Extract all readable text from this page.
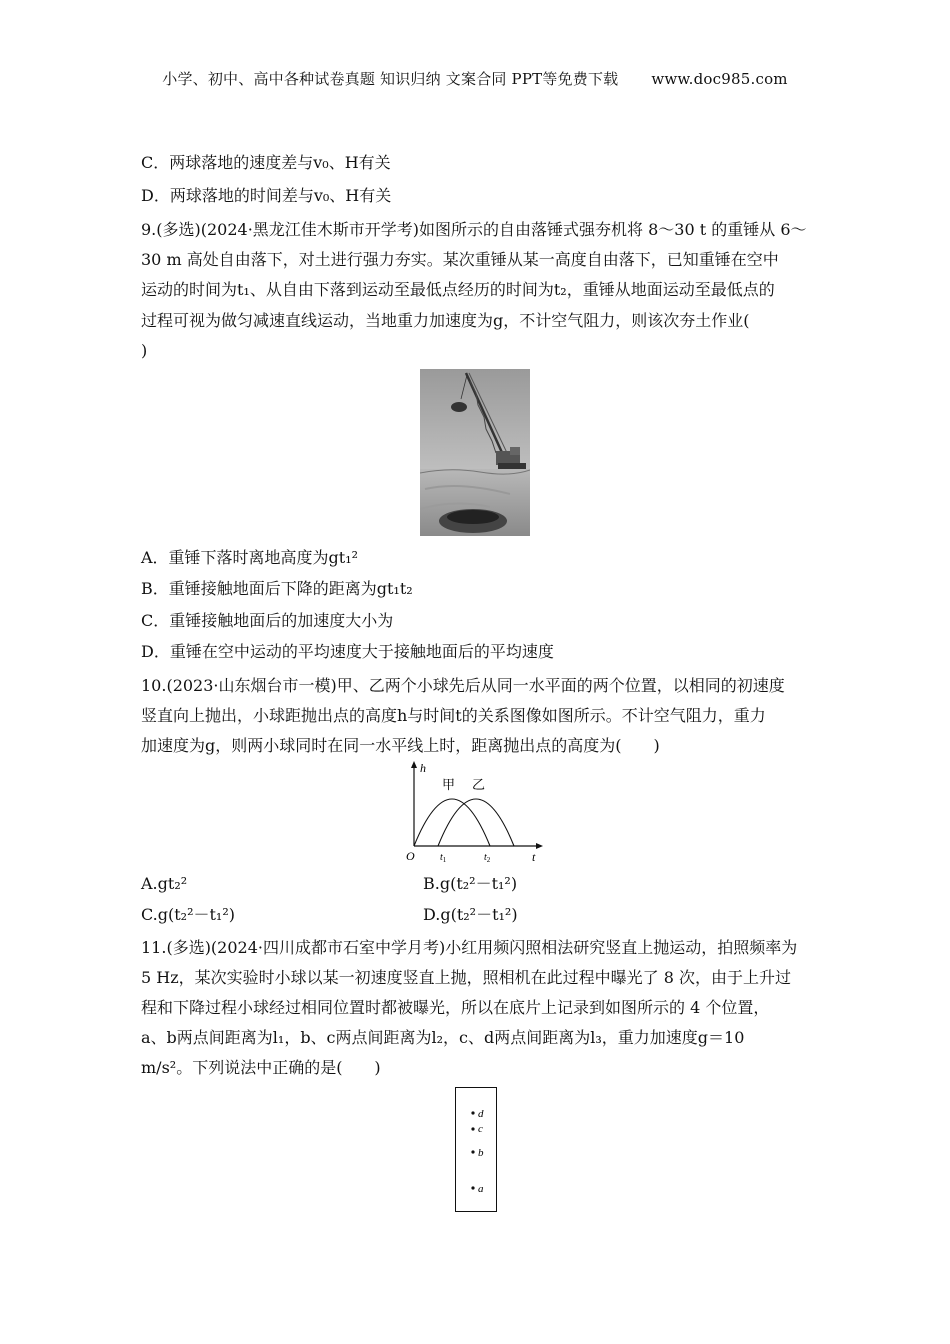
小学、初中、高中各种试卷真题 知识归纳 文案合同 PPT等免费下载 www.doc985.com
C．两球落地的速度差与v₀、H有关
D．两球落地的时间差与v₀、H有关
9.(多选)(2024·黑龙江佳木斯市开学考)如图所示的自由落锤式强夯机将 8～30 t 的重锤从 6～
30 m 高处自由落下，对土进行强力夯实。某次重锤从某一高度自由落下，已知重锤在空中
运动的时间为t₁、从自由下落到运动至最低点经历的时间为t₂，重锤从地面运动至最低点的
过程可视为做匀减速直线运动，当地重力加速度为g，不计空气阻力，则该次夯土作业(
)
A．重锤下落时离地高度为gt₁²
B．重锤接触地面后下降的距离为gt₁t₂
C．重锤接触地面后的加速度大小为
D．重锤在空中运动的平均速度大于接触地面后的平均速度
10.(2023·山东烟台市一模)甲、乙两个小球先后从同一水平面的两个位置，以相同的初速度
竖直向上抛出，小球距抛出点的高度h与时间t的关系图像如图所示。不计空气阻力，重力
加速度为g，则两小球同时在同一水平线上时，距离抛出点的高度为(　　)
h
t
O
甲 乙
$t_1$	$t_2$
A.gt₂²	B.g(t₂²－t₁²)
C.g(t₂²－t₁²)	D.g(t₂²－t₁²)
11.(多选)(2024·四川成都市石室中学月考)小红用频闪照相法研究竖直上抛运动，拍照频率为
5 Hz，某次实验时小球以某一初速度竖直上抛，照相机在此过程中曝光了 8 次，由于上升过
程和下降过程小球经过相同位置时都被曝光，所以在底片上记录到如图所示的 4 个位置，
a、b两点间距离为l₁，b、c两点间距离为l₂，c、d两点间距离为l₃，重力加速度g＝10
m/s²。下列说法中正确的是(　　)
d
c
b
a
